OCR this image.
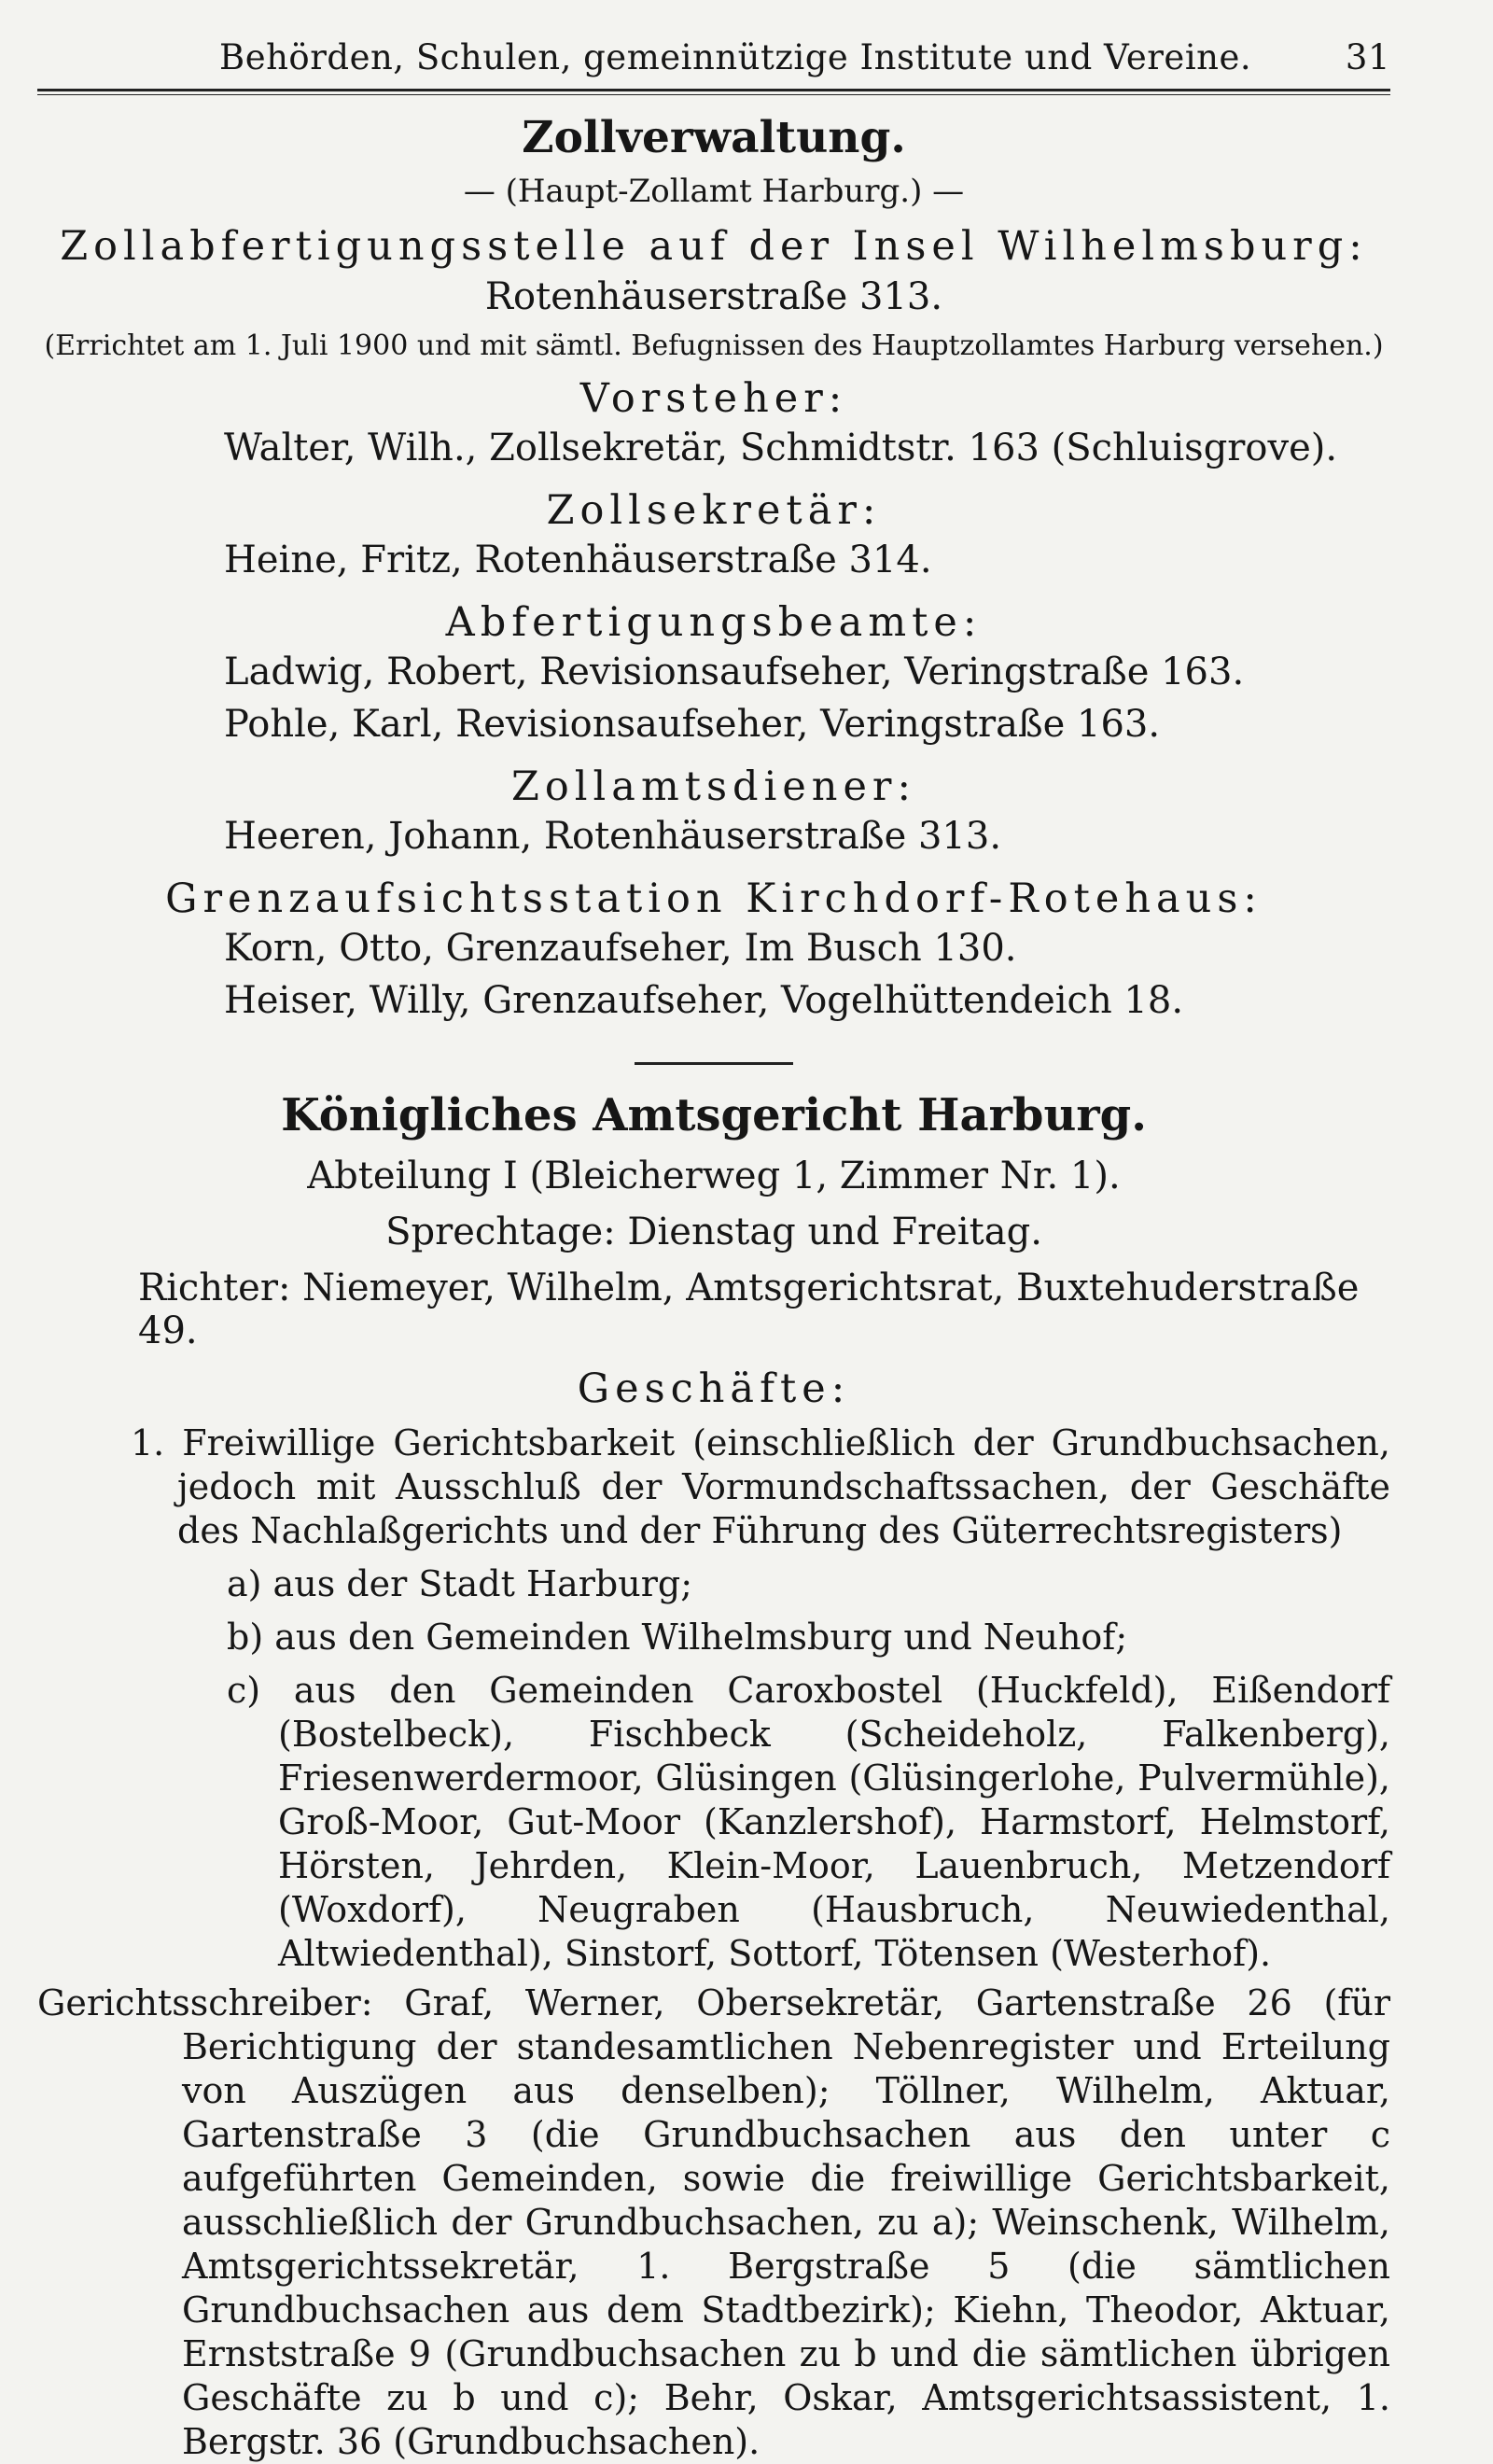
Behörden, Schulen, gemeinnützige Institute und Vereine.	31
Zollverwaltung.
— (Haupt-Zollamt Harburg.) —
Zollabfertigungsstelle auf der Insel Wilhelmsburg:
Rotenhäuserstraße 313.
(Errichtet am 1. Juli 1900 und mit sämtl. Befugnissen des Hauptzollamtes Harburg versehen.)
Vorsteher:
Walter, Wilh., Zollsekretär, Schmidtstr. 163 (Schluisgrove).
Zollsekretär:
Heine, Fritz, Rotenhäuserstraße 314.
Abfertigungsbeamte:
Ladwig, Robert, Revisionsaufseher, Veringstraße 163.
Pohle, Karl, Revisionsaufseher, Veringstraße 163.
Zollamtsdiener:
Heeren, Johann, Rotenhäuserstraße 313.
Grenzaufsichtsstation Kirchdorf-Rotehaus:
Korn, Otto, Grenzaufseher, Im Busch 130.
Heiser, Willy, Grenzaufseher, Vogelhüttendeich 18.
Königliches Amtsgericht Harburg.
Abteilung I (Bleicherweg 1, Zimmer Nr. 1).
Sprechtage: Dienstag und Freitag.
Richter: Niemeyer, Wilhelm, Amtsgerichtsrat, Buxtehuderstraße 49.
Geschäfte:
1. Freiwillige Gerichtsbarkeit (einschließlich der Grundbuchsachen, jedoch mit Ausschluß der Vormundschaftssachen, der Geschäfte des Nachlaßgerichts und der Führung des Güterrechtsregisters)
a) aus der Stadt Harburg;
b) aus den Gemeinden Wilhelmsburg und Neuhof;
c) aus den Gemeinden Caroxbostel (Huckfeld), Eißendorf (Bostelbeck), Fischbeck (Scheideholz, Falkenberg), Friesenwerdermoor, Glüsingen (Glüsingerlohe, Pulvermühle), Groß-Moor, Gut-Moor (Kanzlershof), Harmstorf, Helmstorf, Hörsten, Jehrden, Klein-Moor, Lauenbruch, Metzendorf (Woxdorf), Neugraben (Hausbruch, Neuwiedenthal, Altwiedenthal), Sinstorf, Sottorf, Tötensen (Westerhof).
Gerichtsschreiber: Graf, Werner, Obersekretär, Gartenstraße 26 (für Berichtigung der standesamtlichen Nebenregister und Erteilung von Auszügen aus denselben); Töllner, Wilhelm, Aktuar, Gartenstraße 3 (die Grundbuchsachen aus den unter c aufgeführten Gemeinden, sowie die freiwillige Gerichtsbarkeit, ausschließlich der Grundbuchsachen, zu a); Weinschenk, Wilhelm, Amtsgerichtssekretär, 1. Bergstraße 5 (die sämtlichen Grundbuchsachen aus dem Stadtbezirk); Kiehn, Theodor, Aktuar, Ernststraße 9 (Grundbuchsachen zu b und die sämtlichen übrigen Geschäfte zu b und c); Behr, Oskar, Amtsgerichtsassistent, 1. Bergstr. 36 (Grundbuchsachen).
